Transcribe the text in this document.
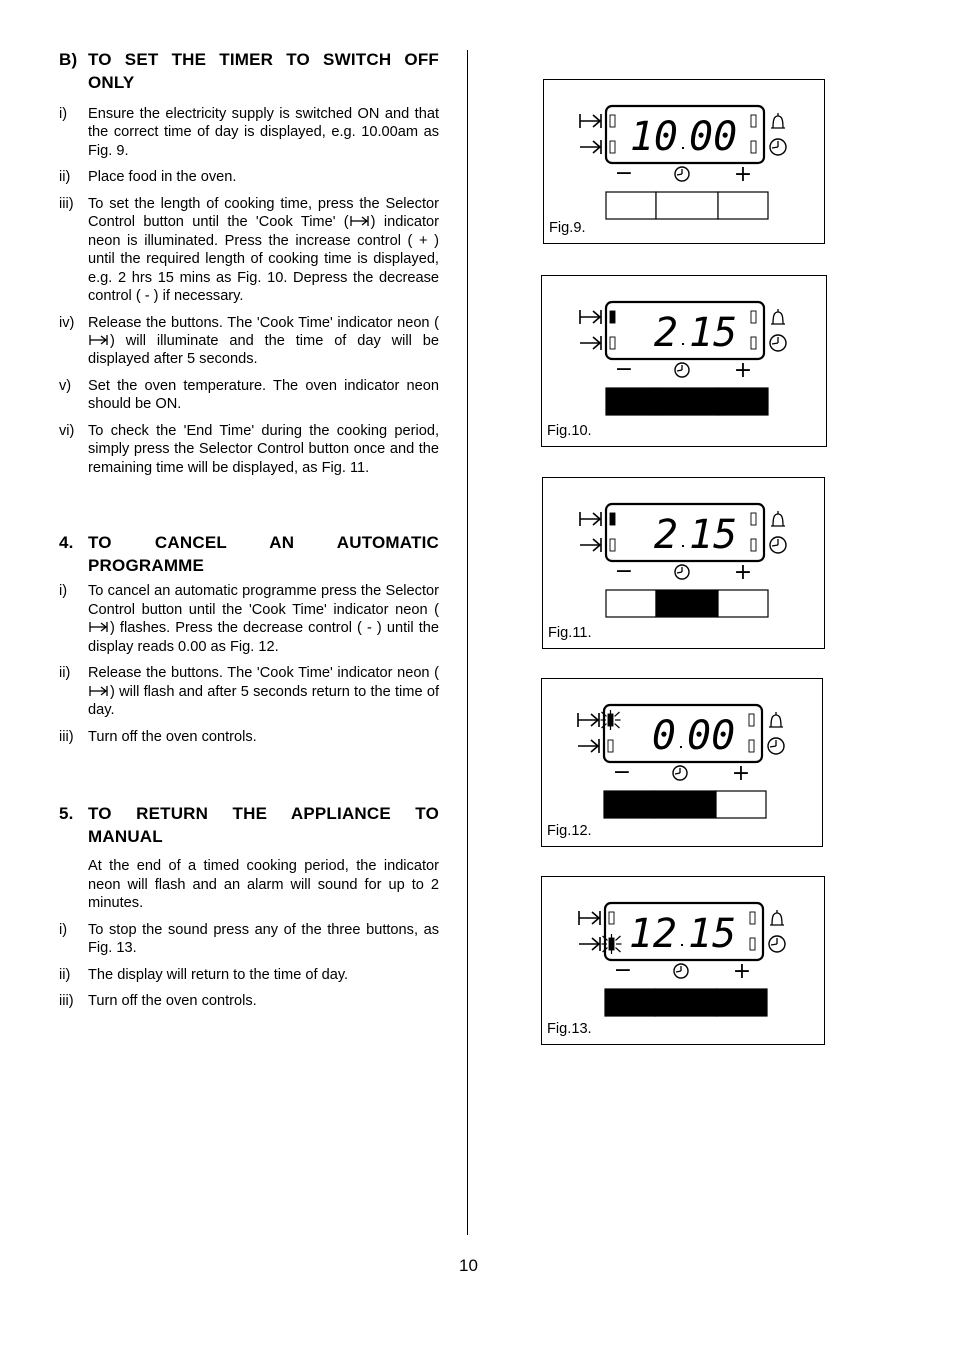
B) TO SET THE TIMER TO SWITCH OFF ONLY
i)	Ensure the electricity supply is switched ON and that the correct time of day is displayed, e.g. 10.00am as Fig. 9.
ii)	Place food in the oven.
iii) To set the length of cooking time, press the Selector Control button until the 'Cook Time' ( ) indicator neon is illuminated. Press the increase control ( + ) until the required length of cooking time is displayed, e.g. 2 hrs 15 mins as Fig. 10. Depress the decrease control ( - ) if necessary.
iv) Release the buttons. The 'Cook Time' indicator neon (
) will illuminate and the time of day will be displayed after 5 seconds.
v)	Set the oven temperature. The oven indicator neon should be ON.
vi) To check the 'End Time' during the cooking period, simply press the Selector Control button once and the remaining time will be displayed, as Fig. 11.
4. TO CANCEL AN AUTOMATIC PROGRAMME
i)	To cancel an automatic programme press the Selector Control button until the 'Cook Time' indicator neon (
) flashes. Press the decrease control ( - ) until the display reads 0.00 as Fig. 12.
ii)	Release the buttons. The 'Cook Time' indicator neon (
) will flash and after 5 seconds return to the time of day.
iii) Turn off the oven controls.
5. TO RETURN THE APPLIANCE TO MANUAL
At the end of a timed cooking period, the indicator neon will flash and an alarm will sound for up to 2 minutes.
i)	To stop the sound press any of the three buttons, as Fig. 13.
ii)	The display will return to the time of day.
iii) Turn off the oven controls.
10 00
−	+
Fig.9.
2 15
−	+
Fig.10.
2 15
−	+
Fig.11.
0 00
−	+
Fig.12.
12 15
−	+
Fig.13.
10
